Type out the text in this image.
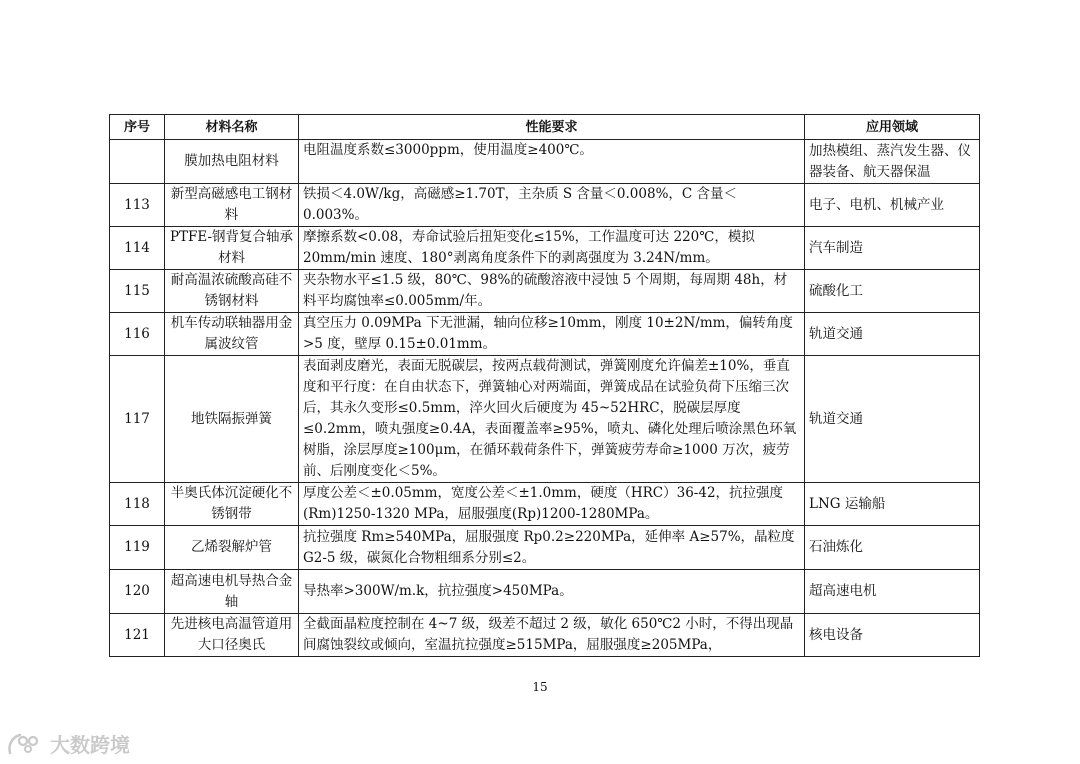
序号	材料名称	性能要求	应用领域
	膜加热电阻材料	电阻温度系数≤3000ppm，使用温度≥400℃。	加热模组、蒸汽发生器、仪器装备、航天器保温
113	新型高磁感电工钢材料	铁损＜4.0W/kg，高磁感≥1.70T，主杂质 S 含量＜0.008%，C 含量＜0.003%。	电子、电机、机械产业
114	PTFE-钢背复合轴承材料	摩擦系数<0.08，寿命试验后扭矩变化≤15%，工作温度可达 220℃，模拟20mm/min 速度、180°剥离角度条件下的剥离强度为 3.24N/mm。	汽车制造
115	耐高温浓硫酸高硅不锈钢材料	夹杂物水平≤1.5 级，80℃、98%的硫酸溶液中浸蚀 5 个周期，每周期 48h，材料平均腐蚀率≤0.005mm/年。	硫酸化工
116	机车传动联轴器用金属波纹管	真空压力 0.09MPa 下无泄漏，轴向位移≥10mm，刚度 10±2N/mm，偏转角度>5 度，壁厚 0.15±0.01mm。	轨道交通
117	地铁隔振弹簧	表面剥皮磨光，表面无脱碳层，按两点载荷测试，弹簧刚度允许偏差±10%，垂直度和平行度：在自由状态下，弹簧轴心对两端面，弹簧成品在试验负荷下压缩三次后，其永久变形≤0.5mm，淬火回火后硬度为 45~52HRC，脱碳层厚度≤0.2mm，喷丸强度≥0.4A，表面覆盖率≥95%，喷丸、磷化处理后喷涂黑色环氧树脂，涂层厚度≥100μm，在循环载荷条件下，弹簧疲劳寿命≥1000 万次，疲劳前、后刚度变化＜5%。	轨道交通
118	半奥氏体沉淀硬化不锈钢带	厚度公差＜±0.05mm，宽度公差＜±1.0mm，硬度（HRC）36-42，抗拉强度(Rm)1250-1320 MPa，屈服强度(Rp)1200-1280MPa。	LNG 运输船
119	乙烯裂解炉管	抗拉强度 Rm≥540MPa，屈服强度 Rp0.2≥220MPa，延伸率 A≥57%，晶粒度 G2-5 级，碳氮化合物粗细系分别≤2。	石油炼化
120	超高速电机导热合金轴	导热率>300W/m.k，抗拉强度>450MPa。	超高速电机
121	先进核电高温管道用大口径奥氏	全截面晶粒度控制在 4~7 级，级差不超过 2 级，敏化 650℃2 小时，不得出现晶间腐蚀裂纹或倾向，室温抗拉强度≥515MPa，屈服强度≥205MPa，	核电设备
15
大数跨境
